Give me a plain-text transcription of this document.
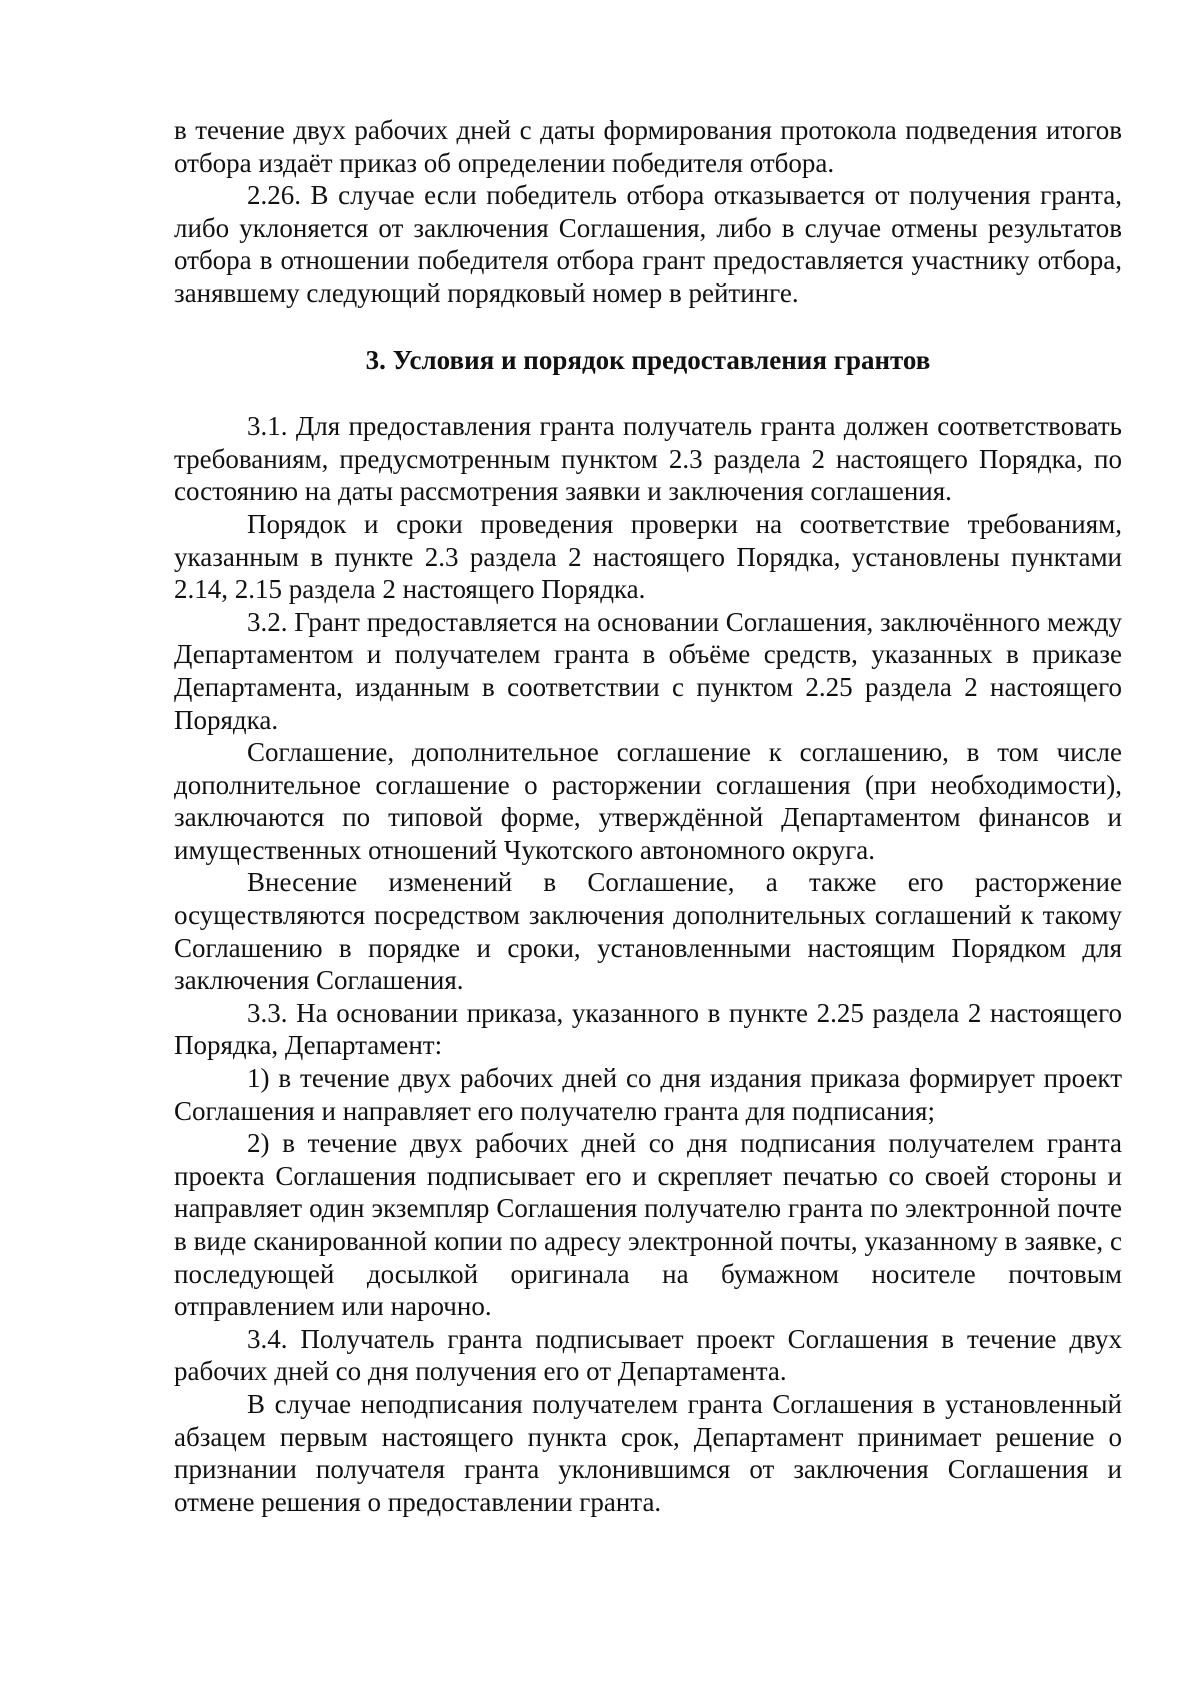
в течение двух рабочих дней с даты формирования протокола подведения итогов отбора издаёт приказ об определении победителя отбора.

2.26. В случае если победитель отбора отказывается от получения гранта, либо уклоняется от заключения Соглашения, либо в случае отмены результатов отбора в отношении победителя отбора грант предоставляется участнику отбора, занявшему следующий порядковый номер в рейтинге.

3. Условия и порядок предоставления грантов

3.1. Для предоставления гранта получатель гранта должен соответствовать требованиям, предусмотренным пунктом 2.3 раздела 2 настоящего Порядка, по состоянию на даты рассмотрения заявки и заключения соглашения.

Порядок и сроки проведения проверки на соответствие требованиям, указанным в пункте 2.3 раздела 2 настоящего Порядка, установлены пунктами 2.14, 2.15 раздела 2 настоящего Порядка.

3.2. Грант предоставляется на основании Соглашения, заключённого между Департаментом и получателем гранта в объёме средств, указанных в приказе Департамента, изданным в соответствии с пунктом 2.25 раздела 2 настоящего Порядка.

Соглашение, дополнительное соглашение к соглашению, в том числе дополнительное соглашение о расторжении соглашения (при необходимости), заключаются по типовой форме, утверждённой Департаментом финансов и имущественных отношений Чукотского автономного округа.

Внесение изменений в Соглашение, а также его расторжение осуществляются посредством заключения дополнительных соглашений к такому Соглашению в порядке и сроки, установленными настоящим Порядком для заключения Соглашения.

3.3. На основании приказа, указанного в пункте 2.25 раздела 2 настоящего Порядка, Департамент:

1) в течение двух рабочих дней со дня издания приказа формирует проект Соглашения и направляет его получателю гранта для подписания;

2) в течение двух рабочих дней со дня подписания получателем гранта проекта Соглашения подписывает его и скрепляет печатью со своей стороны и направляет один экземпляр Соглашения получателю гранта по электронной почте в виде сканированной копии по адресу электронной почты, указанному в заявке, с последующей досылкой оригинала на бумажном носителе почтовым отправлением или нарочно.

3.4. Получатель гранта подписывает проект Соглашения в течение двух рабочих дней со дня получения его от Департамента.

В случае неподписания получателем гранта Соглашения в установленный абзацем первым настоящего пункта срок, Департамент принимает решение о признании получателя гранта уклонившимся от заключения Соглашения и отмене решения о предоставлении гранта.
